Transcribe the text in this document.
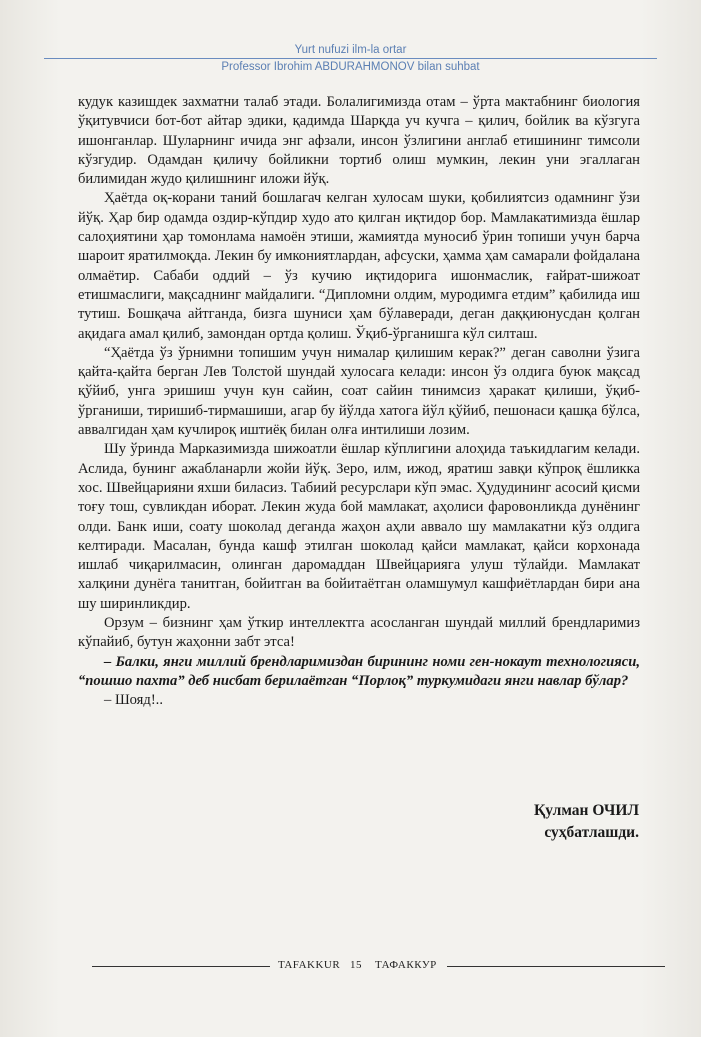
Yurt nufuzi ilm-la ortar
Professor Ibrohim ABDURAHMONOV bilan suhbat

кудук казишдек захматни талаб этади. Болалигимизда отам – ўрта мактабнинг биология ўқитувчиси бот-бот айтар эдики, қадимда Шарқда уч кучга – қилич, бойлик ва кўзгуга ишонганлар. Шуларнинг ичида энг афзали, инсон ўзлигини англаб етишининг тимсоли кўзгудир. Одамдан қиличу бойликни тортиб олиш мумкин, лекин уни эгаллаган билимидан жудо қилишнинг иложи йўқ.

Ҳаётда оқ-корани таний бошлагач келган хулосам шуки, қобилиятсиз одамнинг ўзи йўқ. Ҳар бир одамда оздир-кўпдир худо ато қилган иқтидор бор. Мамлакатимизда ёшлар салоҳиятини ҳар томонлама намоён этиши, жамиятда муносиб ўрин топиши учун барча шароит яратилмоқда. Лекин бу имкониятлардан, афсуски, ҳамма ҳам самарали фойдалана олмаётир. Сабаби оддий – ўз кучию иқтидорига ишонмаслик, ғайрат-шижоат етишмаслиги, мақсаднинг майдалиги. “Дипломни олдим, муродимга етдим” қабилида иш тутиш. Бошқача айтганда, бизга шуниси ҳам бўлаверади, деган даққиюнусдан қолган ақидага амал қилиб, замондан ортда қолиш. Ўқиб-ўрганишга кўл силташ.

“Ҳаётда ўз ўрнимни топишим учун нималар қилишим керак?” деган саволни ўзига қайта-қайта берган Лев Толстой шундай хулосага келади: инсон ўз олдига буюк мақсад қўйиб, унга эришиш учун кун сайин, соат сайин тинимсиз ҳаракат қилиши, ўқиб-ўрганиши, тиришиб-тирмашиши, агар бу йўлда хатога йўл қўйиб, пешонаси қашқа бўлса, аввалгидан ҳам кучлироқ иштиёқ билан олға интилиши лозим.

Шу ўринда Марказимизда шижоатли ёшлар кўплигини алоҳида таъкидлагим келади. Аслида, бунинг ажабланарли жойи йўқ. Зеро, илм, ижод, яратиш завқи кўпроқ ёшликка хос. Швейцарияни яхши биласиз. Табиий ресурслари кўп эмас. Ҳудудининг асосий қисми тоғу тош, сувликдан иборат. Лекин жуда бой мамлакат, аҳолиси фаровонликда дунёнинг олди. Банк иши, соату шоколад деганда жаҳон аҳли аввало шу мамлакатни кўз олдига келтиради. Масалан, бунда кашф этилган шоколад қайси мамлакат, қайси корхонада ишлаб чиқарилмасин, олинган даромаддан Швейцарияга улуш тўлайди. Мамлакат халқини дунёга танитган, бойитган ва бойитаётган оламшумул кашфиётлардан бири ана шу ширинликдир.

Орзум – бизнинг ҳам ўткир интеллектга асосланган шундай миллий брендларимиз кўпайиб, бутун жаҳонни забт этса!

– Балки, янги миллий брендларимиздан бирининг номи ген-нокаут технологияси, “пошшо пахта” деб нисбат берилаётган “Порлоқ” туркумидаги янги навлар бўлар?

– Шояд!..

Қулман ОЧИЛ
суҳбатлашди.
TAFAKKUR 15 ТАФАККУР
